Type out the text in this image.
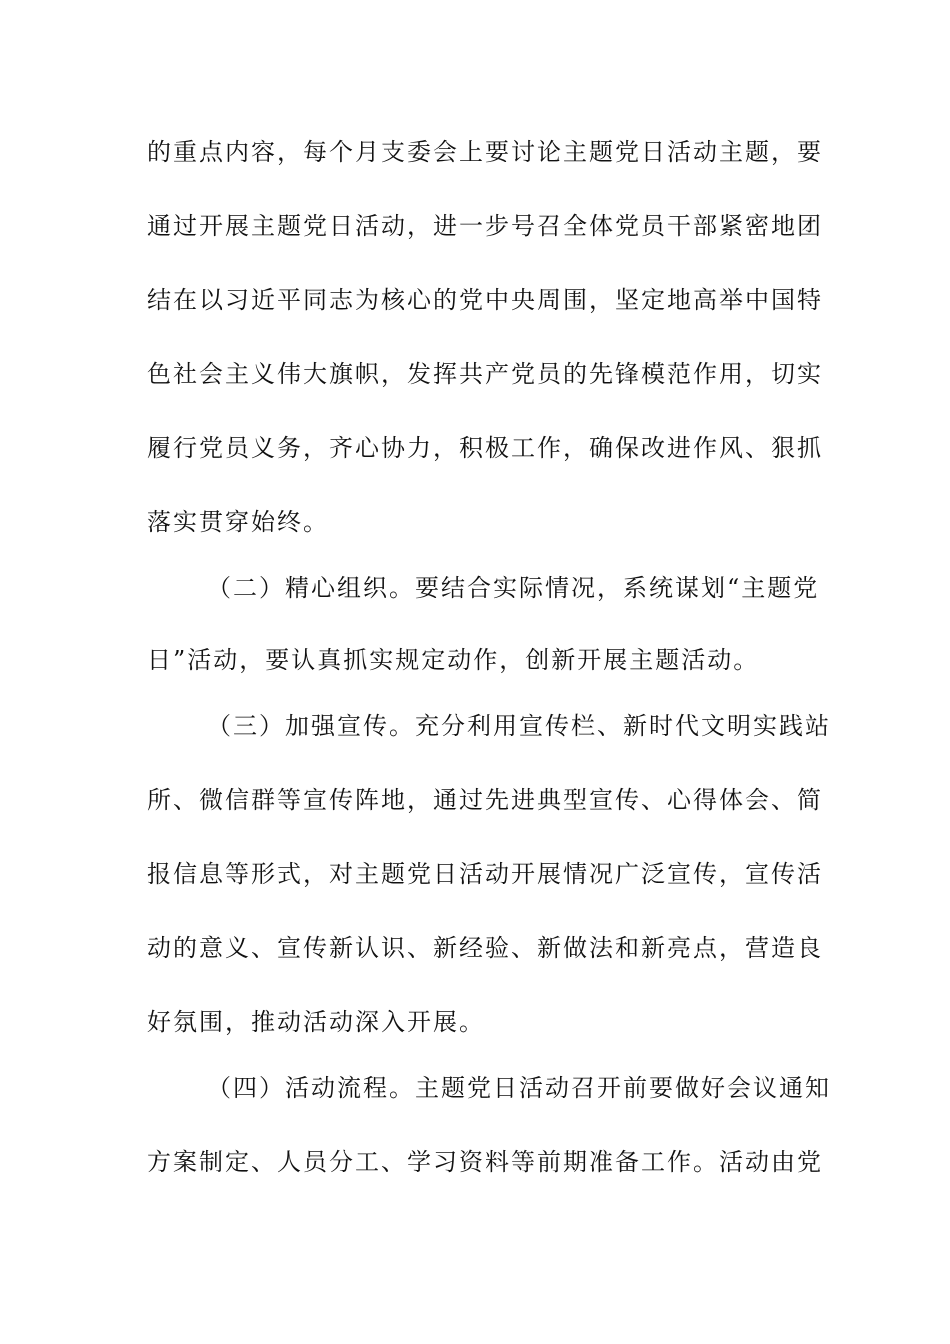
的重点内容，每个月支委会上要讨论主题党日活动主题，要
通过开展主题党日活动，进一步号召全体党员干部紧密地团
结在以习近平同志为核心的党中央周围，坚定地高举中国特
色社会主义伟大旗帜，发挥共产党员的先锋模范作用，切实
履行党员义务，齐心协力，积极工作，确保改进作风、狠抓
落实贯穿始终。
（二）精心组织。要结合实际情况，系统谋划“主题党
日”活动，要认真抓实规定动作，创新开展主题活动。
（三）加强宣传。充分利用宣传栏、新时代文明实践站
所、微信群等宣传阵地，通过先进典型宣传、心得体会、简
报信息等形式，对主题党日活动开展情况广泛宣传，宣传活
动的意义、宣传新认识、新经验、新做法和新亮点，营造良
好氛围，推动活动深入开展。
（四）活动流程。主题党日活动召开前要做好会议通知
方案制定、人员分工、学习资料等前期准备工作。活动由党
